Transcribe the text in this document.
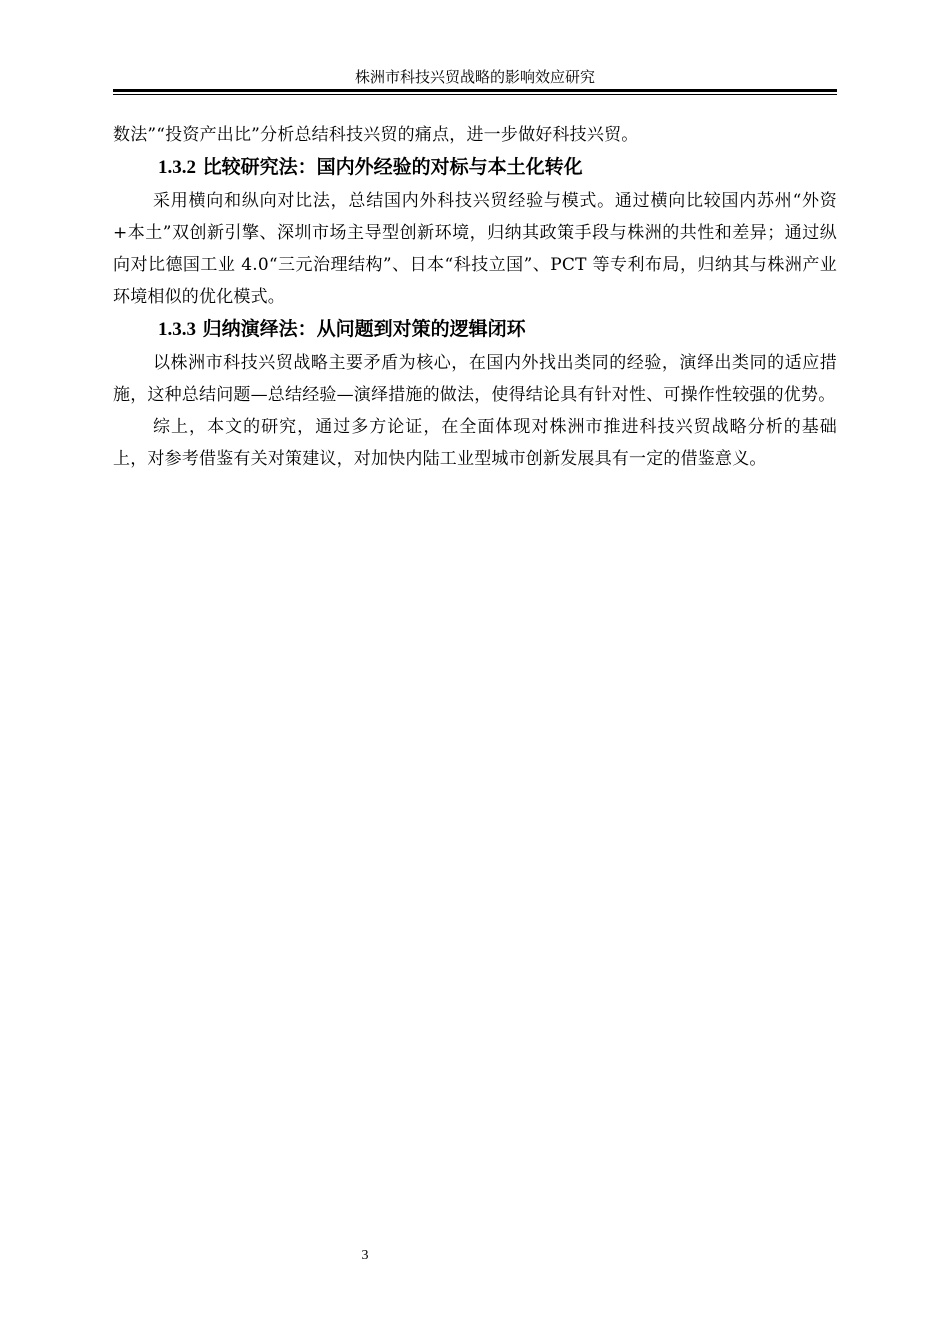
株洲市科技兴贸战略的影响效应研究

数法”“投资产出比”分析总结科技兴贸的痛点，进一步做好科技兴贸。

1.3.2 比较研究法：国内外经验的对标与本土化转化

采用横向和纵向对比法，总结国内外科技兴贸经验与模式。通过横向比较国内苏州“外资+本土”双创新引擎、深圳市场主导型创新环境，归纳其政策手段与株洲的共性和差异；通过纵向对比德国工业 4.0“三元治理结构”、日本“科技立国”、PCT 等专利布局，归纳其与株洲产业环境相似的优化模式。

1.3.3 归纳演绎法：从问题到对策的逻辑闭环

以株洲市科技兴贸战略主要矛盾为核心，在国内外找出类同的经验，演绎出类同的适应措施，这种总结问题—总结经验—演绎措施的做法，使得结论具有针对性、可操作性较强的优势。

综上，本文的研究，通过多方论证，在全面体现对株洲市推进科技兴贸战略分析的基础上，对参考借鉴有关对策建议，对加快内陆工业型城市创新发展具有一定的借鉴意义。

3
